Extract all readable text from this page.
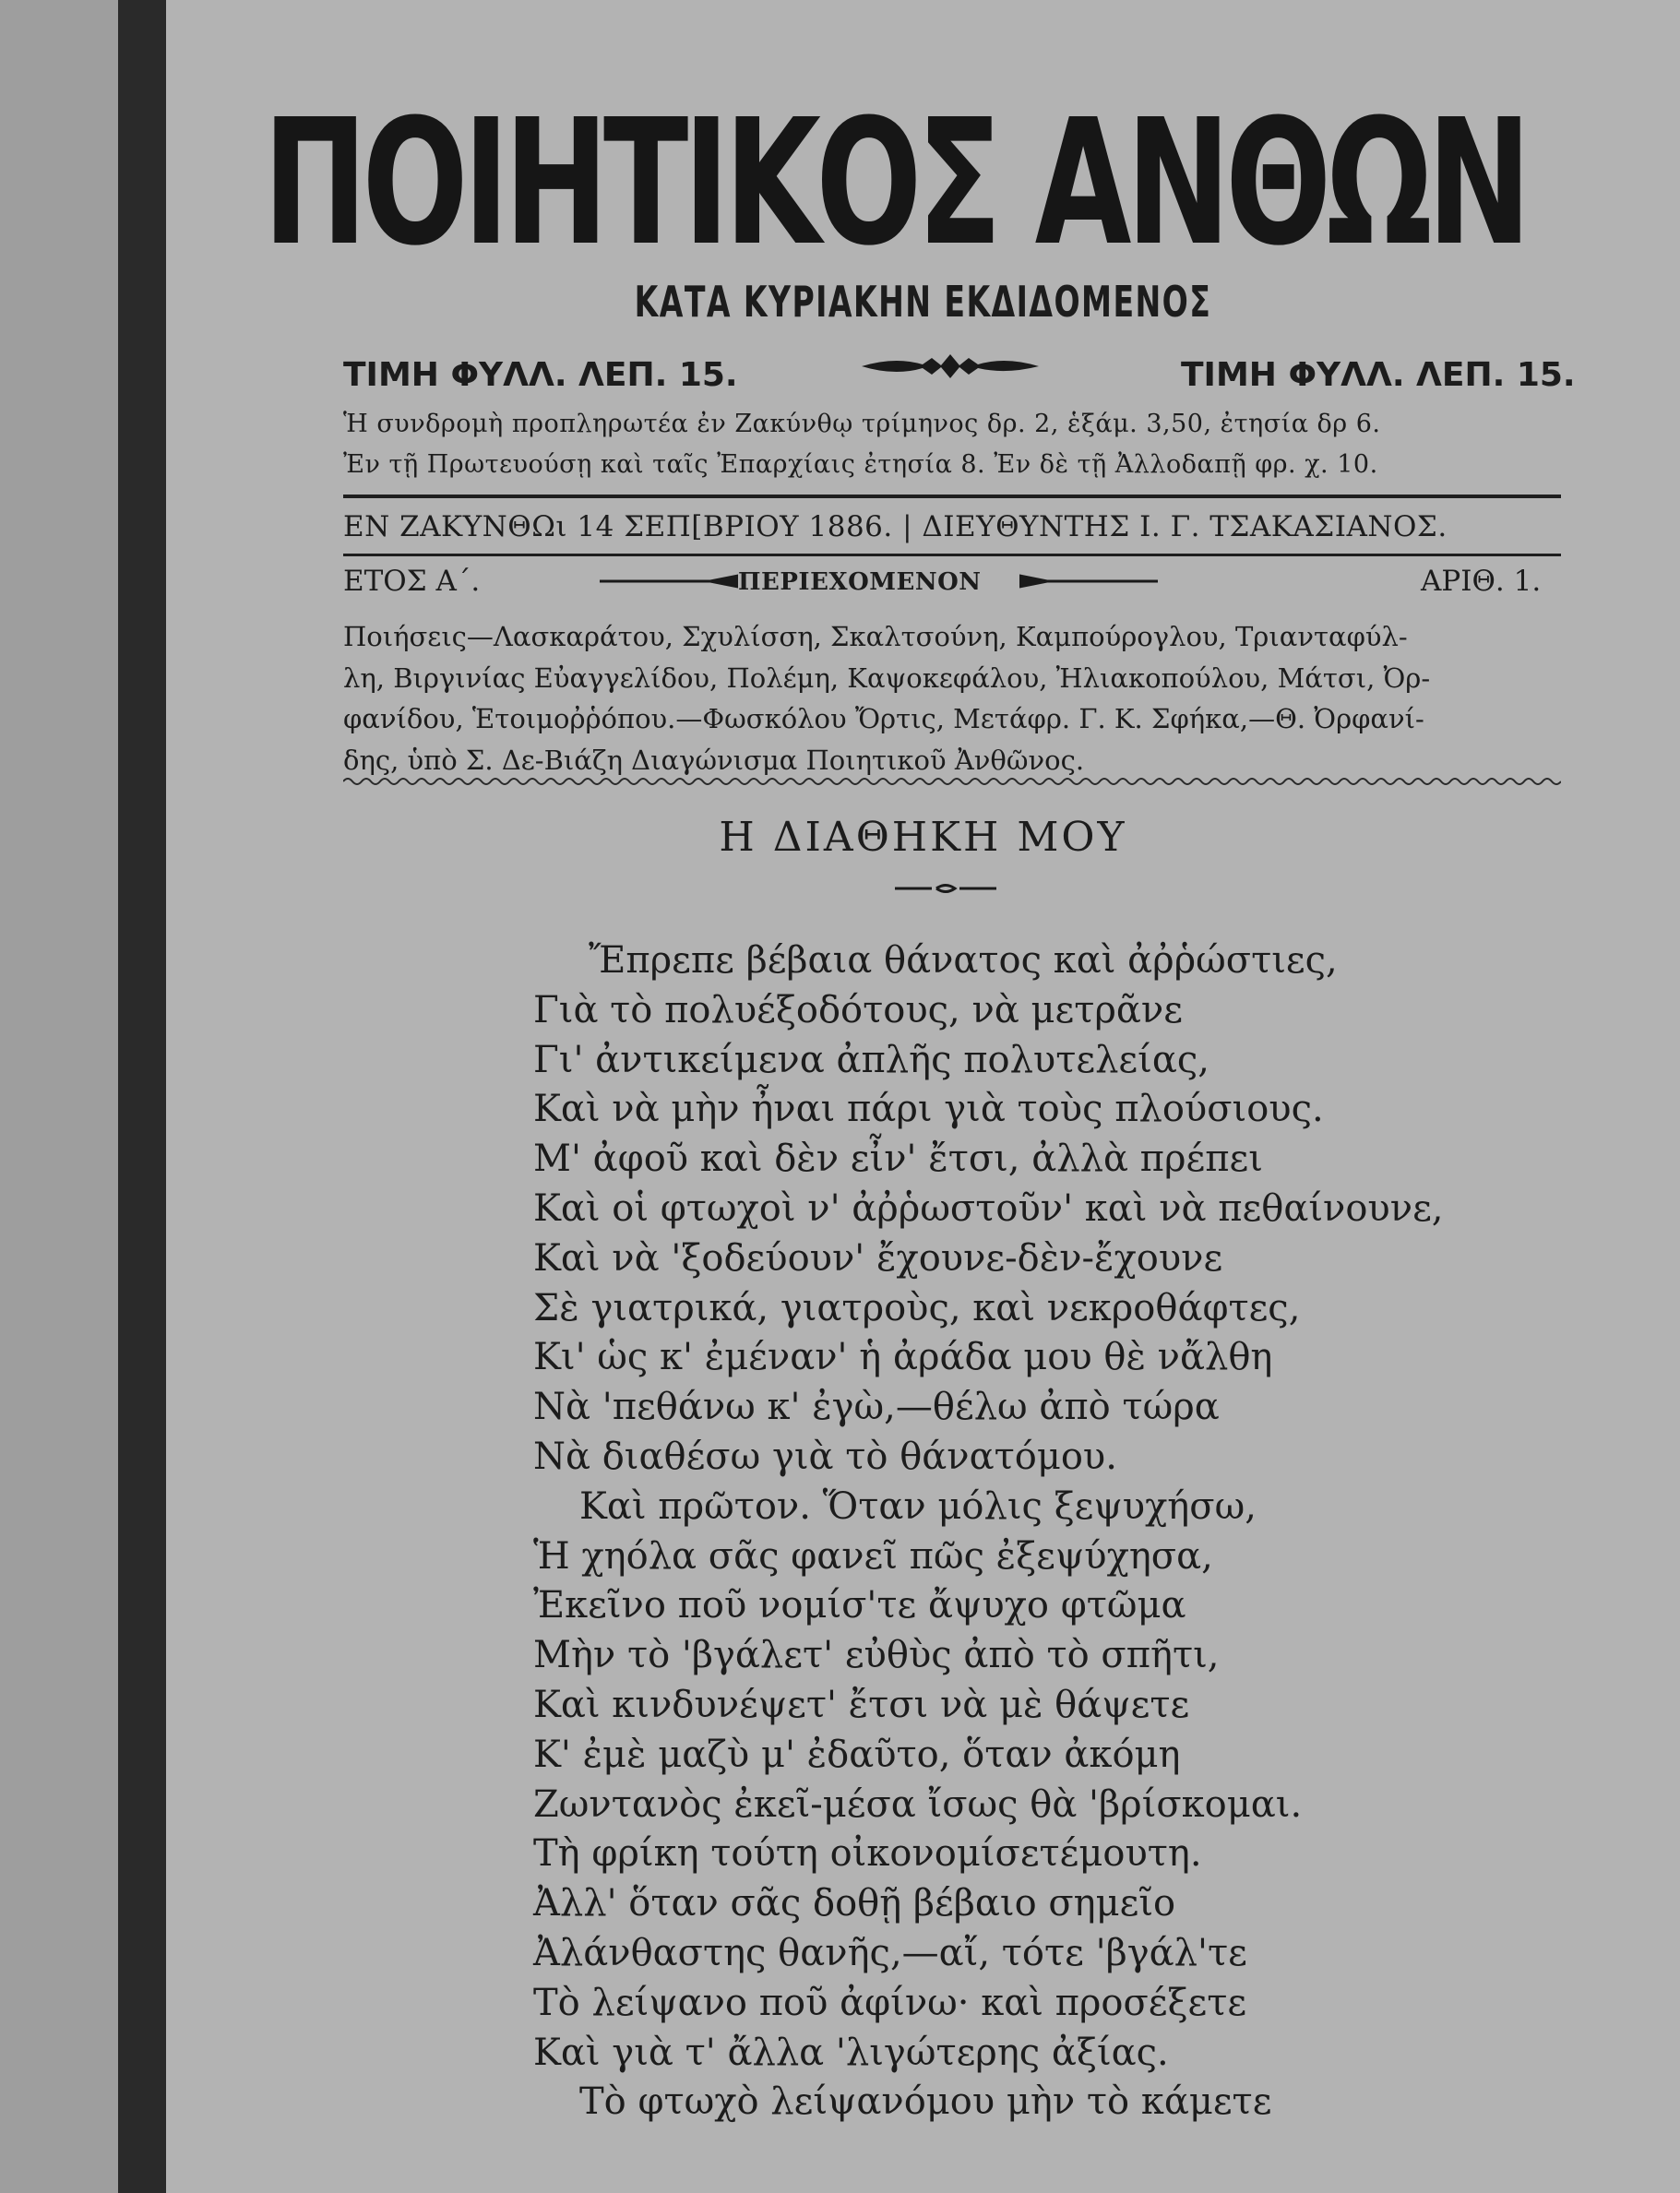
ΠΟΙΗΤΙΚΟΣ ΑΝΘΩΝ
ΚΑΤΑ ΚΥΡΙΑΚΗΝ ΕΚΔΙΔΟΜΕΝΟΣ
ΤΙΜΗ ΦΥΛΛ. ΛΕΠ. 15.	ΤΙΜΗ ΦΥΛΛ. ΛΕΠ. 15.
Ἡ συνδρομὴ προπληρωτέα ἐν Ζακύνθῳ τρίμηνος δρ. 2, ἑξάμ. 3,50, ἐτησία δρ 6.
Ἐν τῇ Πρωτευούσῃ καὶ ταῖς Ἐπαρχίαις ἐτησία 8. Ἐν δὲ τῇ Ἀλλοδαπῇ φρ. χ. 10.
ΕΝ ΖΑΚΥΝΘΩι 14 ΣΕΠ[ΒΡΙΟΥ 1886. | ΔΙΕΥΘΥΝΤΗΣ Ι. Γ. ΤΣΑΚΑΣΙΑΝΟΣ.
ΕΤΟΣ Α΄.	ΠΕΡΙΕΧΟΜΕΝΟΝ	ΑΡΙΘ. 1.
Ποιήσεις—Λασκαράτου, Σχυλίσση, Σκαλτσούνη, Καμπούρογλου, Τριανταφύλ-
λη, Βιργινίας Εὐαγγελίδου, Πολέμη, Καψοκεφάλου, Ἠλιακοπούλου, Μάτσι, Ὀρ-
φανίδου, Ἑτοιμοῤῥόπου.—Φωσκόλου Ὄρτις, Μετάφρ. Γ. Κ. Σφήκα,—Θ. Ὀρφανί-
δης, ὑπὸ Σ. Δε-Βιάζη Διαγώνισμα Ποιητικοῦ Ἀνθῶνος.
Η ΔΙΑΘΗΚΗ ΜΟΥ
Ἔπρεπε βέβαια θάνατος καὶ ἀῤῥώστιες,
Γιὰ τὸ πολυέξοδότους, νὰ μετρᾶνε
Γι' ἀντικείμενα ἀπλῆς πολυτελείας,
Καὶ νὰ μὴν ἦναι πάρι γιὰ τοὺς πλούσιους.
Μ' ἀφοῦ καὶ δὲν εἶν' ἔτσι, ἀλλὰ πρέπει
Καὶ οἱ φτωχοὶ ν' ἀῤῥωστοῦν' καὶ νὰ πεθαίνουνε,
Καὶ νὰ 'ξοδεύουν' ἔχουνε-δὲν-ἔχουνε
Σὲ γιατρικά, γιατροὺς, καὶ νεκροθάφτες,
Κι' ὡς κ' ἐμέναν' ἡ ἀράδα μου θὲ νἄλθη
Νὰ 'πεθάνω κ' ἐγὼ,—θέλω ἀπὸ τώρα
Νὰ διαθέσω γιὰ τὸ θάνατόμου.
Καὶ πρῶτον. Ὅταν μόλις ξεψυχήσω,
Ἡ χηόλα σᾶς φανεῖ πῶς ἐξεψύχησα,
Ἐκεῖνο ποῦ νομίσ'τε ἄψυχο φτῶμα
Μὴν τὸ 'βγάλετ' εὐθὺς ἀπὸ τὸ σπῆτι,
Καὶ κινδυνέψετ' ἔτσι νὰ μὲ θάψετε
Κ' ἐμὲ μαζὺ μ' ἐδαῦτο, ὅταν ἀκόμη
Ζωντανὸς ἐκεῖ-μέσα ἴσως θὰ 'βρίσκομαι.
Τὴ φρίκη τούτη οἰκονομίσετέμουτη.
Ἀλλ' ὅταν σᾶς δοθῇ βέβαιο σημεῖο
Ἀλάνθαστης θανῆς,—αἴ, τότε 'βγάλ'τε
Τὸ λείψανο ποῦ ἀφίνω· καὶ προσέξετε
Καὶ γιὰ τ' ἄλλα 'λιγώτερης ἀξίας.
Τὸ φτωχὸ λείψανόμου μὴν τὸ κάμετε
